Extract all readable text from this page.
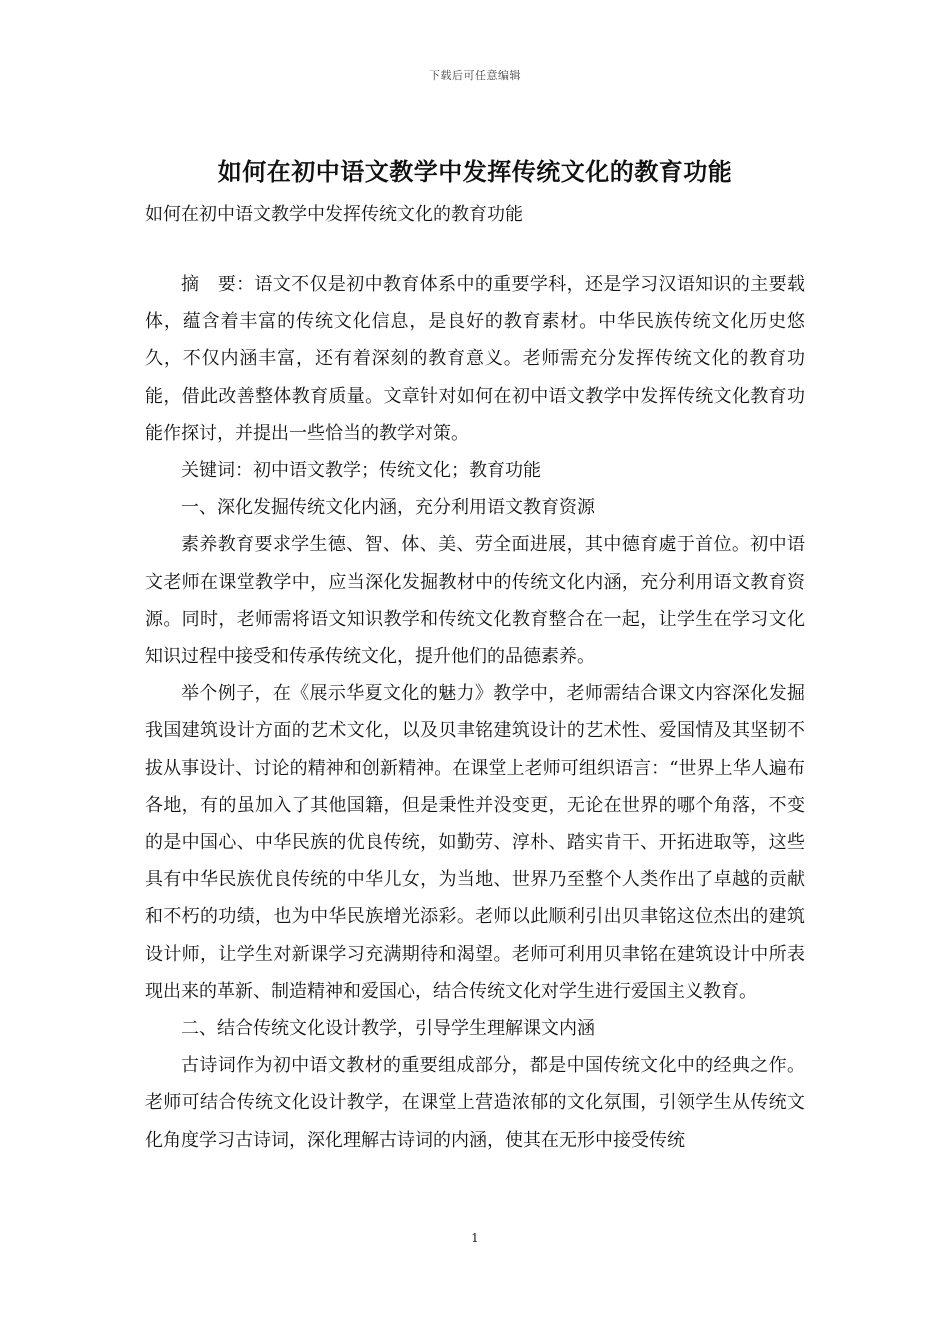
下载后可任意编辑
如何在初中语文教学中发挥传统文化的教育功能
如何在初中语文教学中发挥传统文化的教育功能

摘　要：语文不仅是初中教育体系中的重要学科，还是学习汉语知识的主要载体，蕴含着丰富的传统文化信息，是良好的教育素材。中华民族传统文化历史悠久，不仅内涵丰富，还有着深刻的教育意义。老师需充分发挥传统文化的教育功能，借此改善整体教育质量。文章针对如何在初中语文教学中发挥传统文化教育功能作探讨，并提出一些恰当的教学对策。

关键词：初中语文教学；传统文化；教育功能

一、深化发掘传统文化内涵，充分利用语文教育资源

素养教育要求学生德、智、体、美、劳全面进展，其中德育處于首位。初中语文老师在课堂教学中，应当深化发掘教材中的传统文化内涵，充分利用语文教育资源。同时，老师需将语文知识教学和传统文化教育整合在一起，让学生在学习文化知识过程中接受和传承传统文化，提升他们的品德素养。

举个例子，在《展示华夏文化的魅力》教学中，老师需结合课文内容深化发掘我国建筑设计方面的艺术文化，以及贝聿铭建筑设计的艺术性、爱国情及其坚韧不拔从事设计、讨论的精神和创新精神。在课堂上老师可组织语言：“世界上华人遍布各地，有的虽加入了其他国籍，但是秉性并没变更，无论在世界的哪个角落，不变的是中国心、中华民族的优良传统，如勤劳、淳朴、踏实肯干、开拓进取等，这些具有中华民族优良传统的中华儿女，为当地、世界乃至整个人类作出了卓越的贡献和不朽的功绩，也为中华民族增光添彩。老师以此顺利引出贝聿铭这位杰出的建筑设计师，让学生对新课学习充满期待和渴望。老师可利用贝聿铭在建筑设计中所表现出来的革新、制造精神和爱国心，结合传统文化对学生进行爱国主义教育。

二、结合传统文化设计教学，引导学生理解课文内涵

古诗词作为初中语文教材的重要组成部分，都是中国传统文化中的经典之作。老师可结合传统文化设计教学，在课堂上营造浓郁的文化氛围，引领学生从传统文化角度学习古诗词，深化理解古诗词的内涵，使其在无形中接受传统

1
